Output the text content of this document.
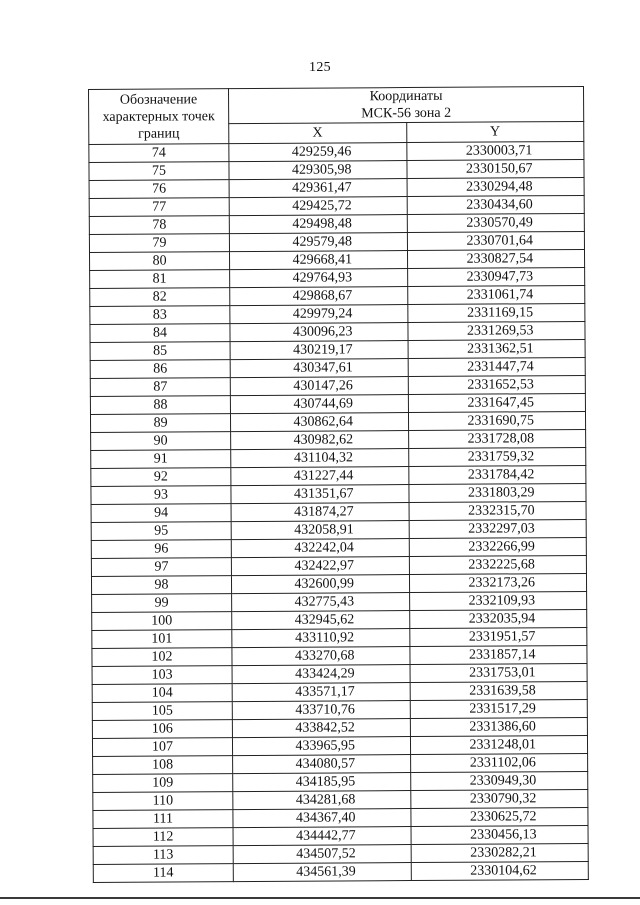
125
Обозначение характерных точек границ	Координаты
МСК-56 зона 2	

	X	Y
74	429259,46	2330003,71
75	429305,98	2330150,67
76	429361,47	2330294,48
77	429425,72	2330434,60
78	429498,48	2330570,49
79	429579,48	2330701,64
80	429668,41	2330827,54
81	429764,93	2330947,73
82	429868,67	2331061,74
83	429979,24	2331169,15
84	430096,23	2331269,53
85	430219,17	2331362,51
86	430347,61	2331447,74
87	430147,26	2331652,53
88	430744,69	2331647,45
89	430862,64	2331690,75
90	430982,62	2331728,08
91	431104,32	2331759,32
92	431227,44	2331784,42
93	431351,67	2331803,29
94	431874,27	2332315,70
95	432058,91	2332297,03
96	432242,04	2332266,99
97	432422,97	2332225,68
98	432600,99	2332173,26
99	432775,43	2332109,93
100	432945,62	2332035,94
101	433110,92	2331951,57
102	433270,68	2331857,14
103	433424,29	2331753,01
104	433571,17	2331639,58
105	433710,76	2331517,29
106	433842,52	2331386,60
107	433965,95	2331248,01
108	434080,57	2331102,06
109	434185,95	2330949,30
110	434281,68	2330790,32
111	434367,40	2330625,72
112	434442,77	2330456,13
113	434507,52	2330282,21
114	434561,39	2330104,62
